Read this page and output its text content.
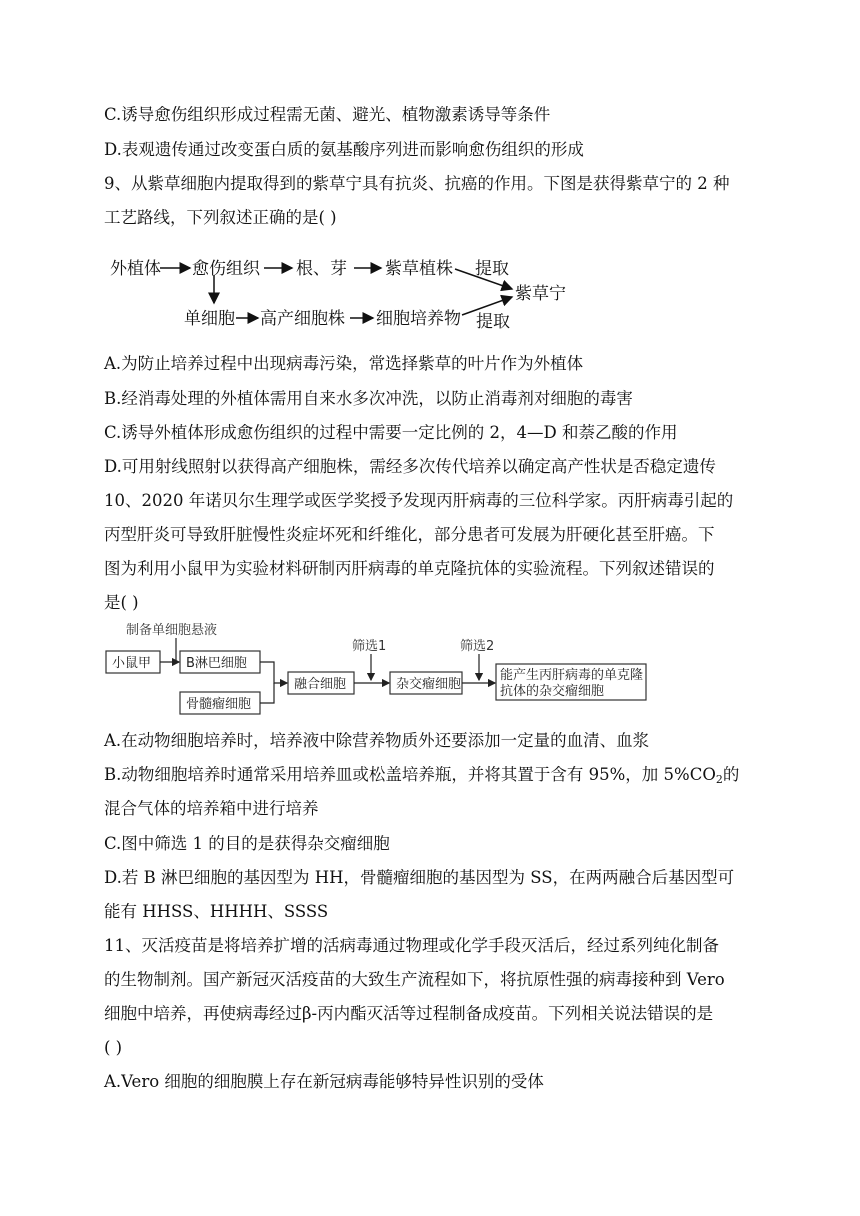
C.诱导愈伤组织形成过程需无菌、避光、植物激素诱导等条件
D.表观遗传通过改变蛋白质的氨基酸序列进而影响愈伤组织的形成
9、从紫草细胞内提取得到的紫草宁具有抗炎、抗癌的作用。下图是获得紫草宁的 2 种
工艺路线，下列叙述正确的是( )
外植体 愈伤组织 根、芽 紫草植株 提取
紫草宁
单细胞 高产细胞株 细胞培养物 提取
A.为防止培养过程中出现病毒污染，常选择紫草的叶片作为外植体
B.经消毒处理的外植体需用自来水多次冲洗，以防止消毒剂对细胞的毒害
C.诱导外植体形成愈伤组织的过程中需要一定比例的 2，4—D 和萘乙酸的作用
D.可用射线照射以获得高产细胞株，需经多次传代培养以确定高产性状是否稳定遗传
10、2020 年诺贝尔生理学或医学奖授予发现丙肝病毒的三位科学家。丙肝病毒引起的
丙型肝炎可导致肝脏慢性炎症坏死和纤维化，部分患者可发展为肝硬化甚至肝癌。下
图为利用小鼠甲为实验材料研制丙肝病毒的单克隆抗体的实验流程。下列叙述错误的
是( )
制备单细胞悬液
筛选1	筛选2
小鼠甲	B淋巴细胞
骨髓瘤细胞
融合细胞	杂交瘤细胞
能产生丙肝病毒的单克隆
抗体的杂交瘤细胞
A.在动物细胞培养时，培养液中除营养物质外还要添加一定量的血清、血浆
B.动物细胞培养时通常采用培养皿或松盖培养瓶，并将其置于含有 95%，加 $5\%CO_2$的
混合气体的培养箱中进行培养
C.图中筛选 1 的目的是获得杂交瘤细胞
D.若 B 淋巴细胞的基因型为 HH，骨髓瘤细胞的基因型为 SS，在两两融合后基因型可
能有 HHSS、HHHH、SSSS
11、灭活疫苗是将培养扩增的活病毒通过物理或化学手段灭活后，经过系列纯化制备
的生物制剂。国产新冠灭活疫苗的大致生产流程如下，将抗原性强的病毒接种到 Vero
细胞中培养，再使病毒经过β-丙内酯灭活等过程制备成疫苗。下列相关说法错误的是
( )
A.Vero 细胞的细胞膜上存在新冠病毒能够特异性识别的受体
